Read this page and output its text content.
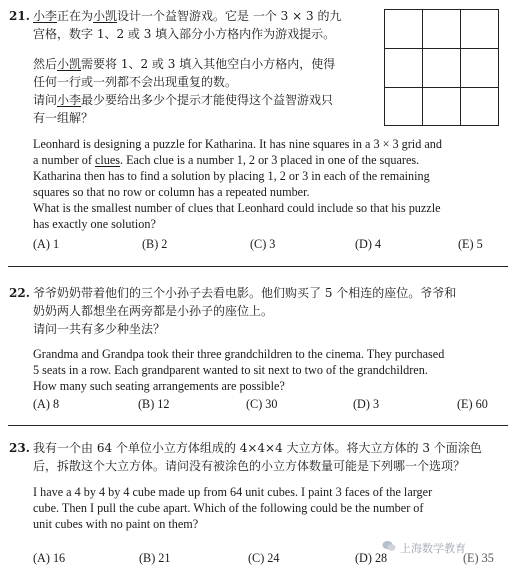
21. 小李正在为小凯设计一个益智游戏。它是 一个 3 × 3 的九
宫格，数字 1、2 或 3 填入部分小方格内作为游戏提示。
然后小凯需要将 1、2 或 3 填入其他空白小方格内，使得
任何一行或一列都不会出现重复的数。
请问小李最少要给出多少个提示才能使得这个益智游戏只
有一组解？
Leonhard is designing a puzzle for Katharina. It has nine squares in a 3 × 3 grid and
a number of clues. Each clue is a number 1, 2 or 3 placed in one of the squares.
Katharina then has to find a solution by placing 1, 2 or 3 in each of the remaining
squares so that no row or column has a repeated number.
What is the smallest number of clues that Leonhard could include so that his puzzle
has exactly one solution?
(A) 1	(B) 2	(C) 3	(D) 4	(E) 5
22. 爷爷奶奶带着他们的三个小孙子去看电影。他们购买了 5 个相连的座位。爷爷和
奶奶两人都想坐在两旁都是小孙子的座位上。
请问一共有多少种坐法？
Grandma and Grandpa took their three grandchildren to the cinema. They purchased
5 seats in a row. Each grandparent wanted to sit next to two of the grandchildren.
How many such seating arrangements are possible?
(A) 8	(B) 12	(C) 30	(D) 3	(E) 60
23. 我有一个由 64 个单位小立方体组成的 4×4×4 大立方体。将大立方体的 3 个面涂色
后，拆散这个大立方体。请问没有被涂色的小立方体数量可能是下列哪一个选项？
I have a 4 by 4 by 4 cube made up from 64 unit cubes. I paint 3 faces of the larger
cube. Then I pull the cube apart. Which of the following could be the number of
unit cubes with no paint on them?
(A) 16	(B) 21	(C) 24	(D) 28	(E) 35
上海数学教育
